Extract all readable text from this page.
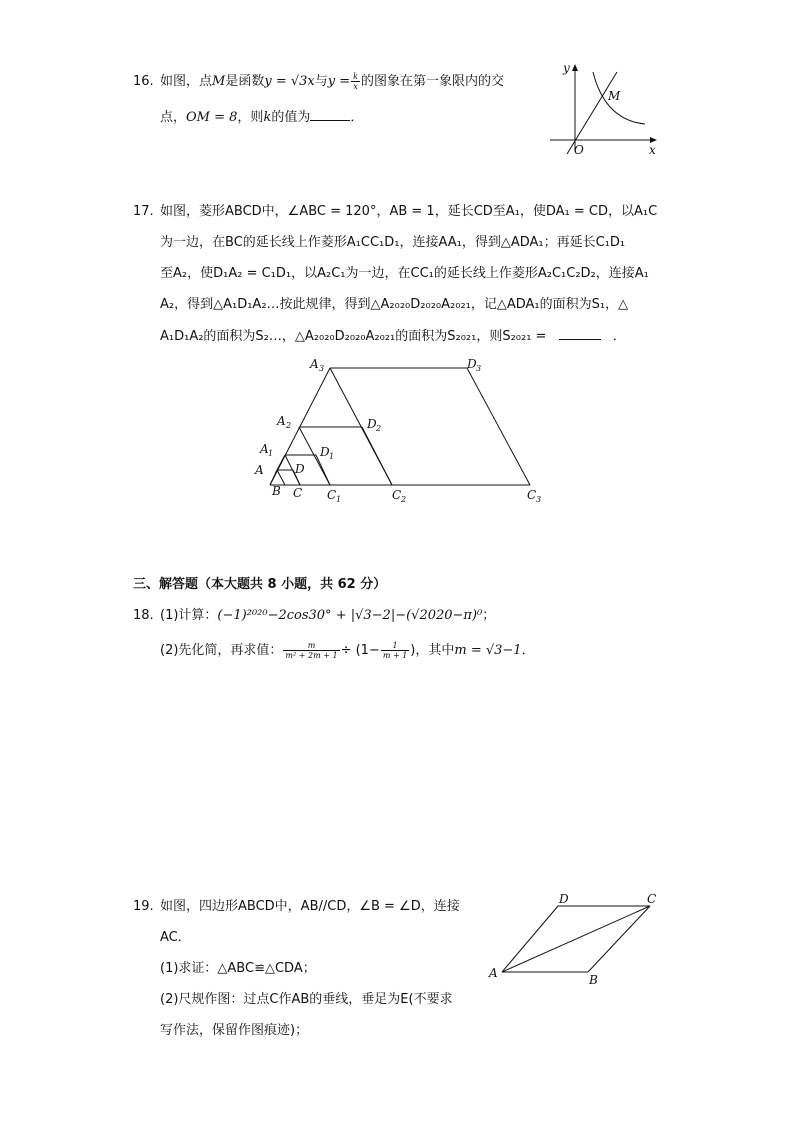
16. 如图，点M是函数y = √3x与$y = \frac{k}{x}$ 的图象在第一象限内的交
点，OM = 8，则k的值为	．
y
x
O
M
17. 如图，菱形ABCD中，∠ABC = 120°，AB = 1，延长CD至A₁，使DA₁ = CD，以A₁C
为一边，在BC的延长线上作菱形A₁CC₁D₁，连接AA₁，得到△ADA₁；再延长C₁D₁
至A₂，使D₁A₂ = C₁D₁，以A₂C₁为一边，在CC₁的延长线上作菱形A₂C₁C₂D₂，连接A₁
A₂，得到△A₁D₁A₂…按此规律，得到△A₂₀₂₀D₂₀₂₀A₂₀₂₁，记△ADA₁的面积为S₁，△
A₁D₁A₂的面积为S₂…，△A₂₀₂₀D₂₀₂₀A₂₀₂₁的面积为S₂₀₂₁，则S₂₀₂₁ =	．
A 3	D 3
A 2	D 2
A 1	D 1
A	D
B C C 1	C 2	C 3
三、解答题（本大题共 8 小题，共 62 分）
18. (1)计算：(−1)²⁰²⁰−2cos30° + |√3−2|−(√2020−π)⁰；
(2)先化简，再求值： $\frac{m}{\text{m² + 2m + 1}} \div (1- \frac{1}{m + 1}$ )，其中m = √3−1．
19. 如图，四边形ABCD中，AB//CD，∠B = ∠D，连接
AC．
(1)求证：△ABC≌△CDA；
(2)尺规作图：过点C作AB的垂线，垂足为E(不要求
写作法，保留作图痕迹)；
A	B
C
D
